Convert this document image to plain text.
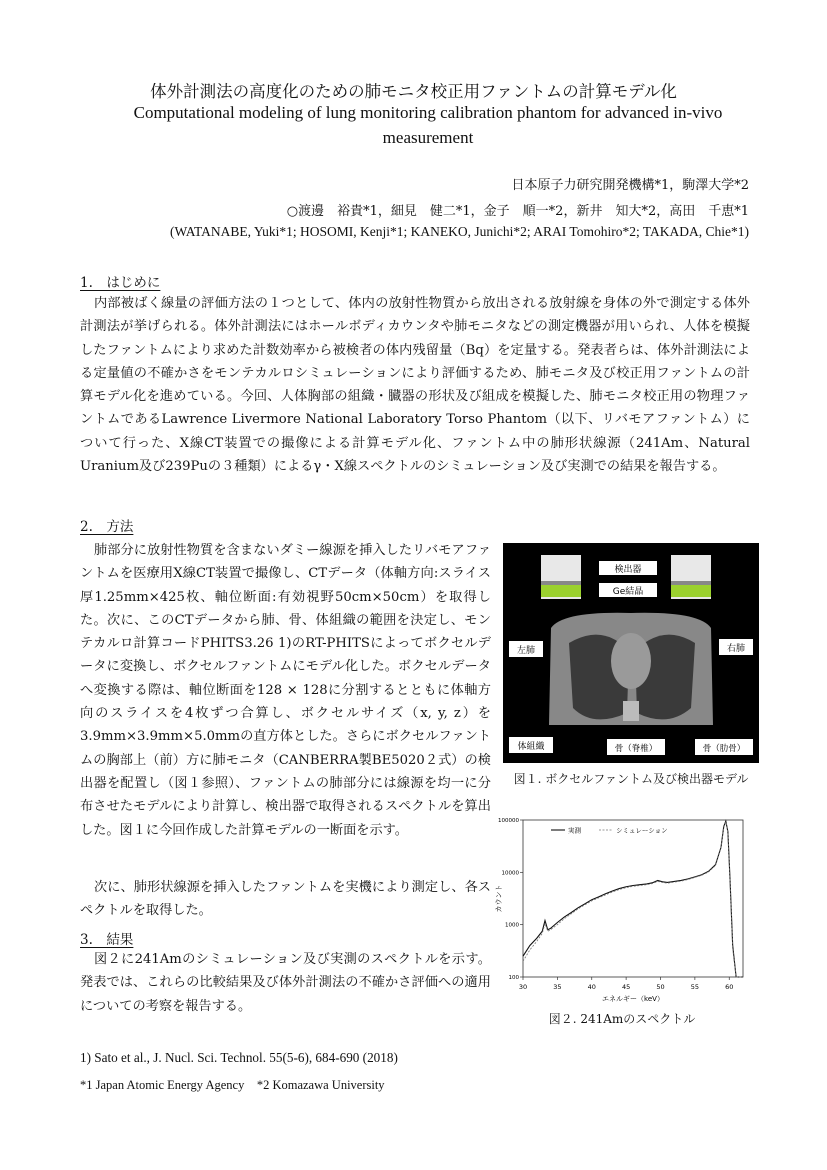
体外計測法の高度化のための肺モニタ校正用ファントムの計算モデル化
Computational modeling of lung monitoring calibration phantom for advanced in-vivo measurement
日本原子力研究開発機構*1，駒澤大学*2
○渡邊　裕貴*1，細見　健二*1，金子　順一*2，新井　知大*2，高田　千恵*1
(WATANABE, Yuki*1; HOSOMI, Kenji*1; KANEKO, Junichi*2; ARAI Tomohiro*2; TAKADA, Chie*1)
1.　はじめに

内部被ばく線量の評価方法の１つとして、体内の放射性物質から放出される放射線を身体の外で測定する体外計測法が挙げられる。体外計測法にはホールボディカウンタや肺モニタなどの測定機器が用いられ、人体を模擬したファントムにより求めた計数効率から被検者の体内残留量（Bq）を定量する。発表者らは、体外計測法による定量値の不確かさをモンテカルロシミュレーションにより評価するため、肺モニタ及び校正用ファントムの計算モデル化を進めている。今回、人体胸部の組織・臓器の形状及び組成を模擬した、肺モニタ校正用の物理ファントムであるLawrence Livermore National Laboratory Torso Phantom（以下、リバモアファントム）について行った、X線CT装置での撮像による計算モデル化、ファントム中の肺形状線源（241Am、Natural Uranium及び239Puの３種類）によるγ・X線スペクトルのシミュレーション及び実測での結果を報告する。

2.　方法

肺部分に放射性物質を含まないダミー線源を挿入したリバモアファントムを医療用X線CT装置で撮像し、CTデータ（体軸方向:スライス厚1.25mm×425枚、軸位断面:有効視野50cm×50cm）を取得した。次に、このCTデータから肺、骨、体組織の範囲を決定し、モンテカルロ計算コードPHITS3.26 1)のRT-PHITSによってボクセルデータに変換し、ボクセルファントムにモデル化した。ボクセルデータへ変換する際は、軸位断面を128 × 128に分割するとともに体軸方向のスライスを4枚ずつ合算し、ボクセルサイズ（x, y, z）を3.9mm×3.9mm×5.0mmの直方体とした。さらにボクセルファントムの胸部上（前）方に肺モニタ（CANBERRA製BE5020２式）の検出器を配置し（図１参照）、ファントムの肺部分には線源を均一に分布させたモデルにより計算し、検出器で取得されるスペクトルを算出した。図１に今回作成した計算モデルの一断面を示す。

次に、肺形状線源を挿入したファントムを実機により測定し、各スペクトルを取得した。

3.　結果

図２に241Amのシミュレーション及び実測のスペクトルを示す。発表では、これらの比較結果及び体外計測法の不確かさ評価への適用についての考察を報告する。

検出器
Ge結晶
左肺	右肺
体組織	骨（脊椎）	骨（肋骨）
図１. ボクセルファントム及び検出器モデル
30	35	40	45	50	55	60
100
1000
10000
100000
エネルギー（keV）
カウント
実測	シミュレーション
図２. 241Amのスペクトル
1) Sato et al., J. Nucl. Sci. Technol. 55(5-6), 684-690 (2018)
*1 Japan Atomic Energy Agency　*2 Komazawa University
